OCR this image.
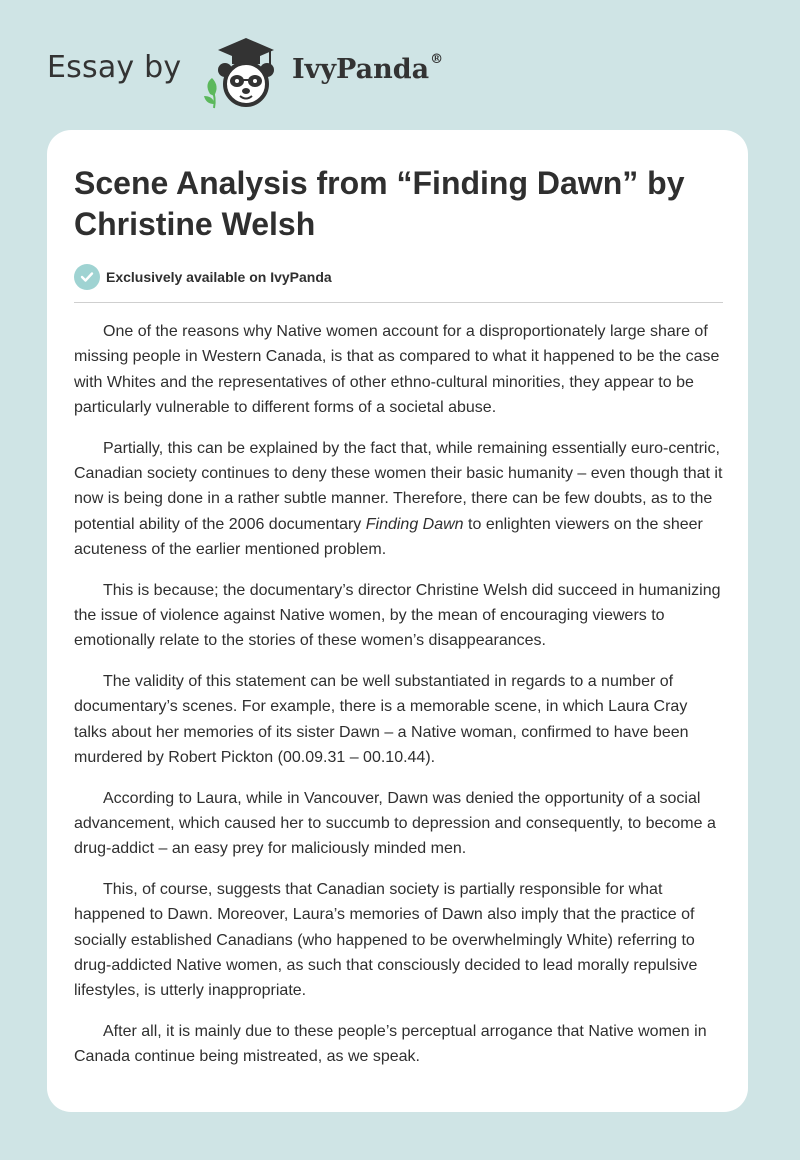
Essay by	IvyPanda®
Scene Analysis from “Finding Dawn” by Christine Welsh
Exclusively available on IvyPanda

One of the reasons why Native women account for a disproportionately large share of missing people in Western Canada, is that as compared to what it happened to be the case with Whites and the representatives of other ethno-cultural minorities, they appear to be particularly vulnerable to different forms of a societal abuse.

Partially, this can be explained by the fact that, while remaining essentially euro-centric, Canadian society continues to deny these women their basic humanity – even though that it now is being done in a rather subtle manner. Therefore, there can be few doubts, as to the potential ability of the 2006 documentary Finding Dawn to enlighten viewers on the sheer acuteness of the earlier mentioned problem.

This is because; the documentary’s director Christine Welsh did succeed in humanizing the issue of violence against Native women, by the mean of encouraging viewers to emotionally relate to the stories of these women’s disappearances.

The validity of this statement can be well substantiated in regards to a number of documentary’s scenes. For example, there is a memorable scene, in which Laura Cray talks about her memories of its sister Dawn – a Native woman, confirmed to have been murdered by Robert Pickton (00.09.31 – 00.10.44).

According to Laura, while in Vancouver, Dawn was denied the opportunity of a social advancement, which caused her to succumb to depression and consequently, to become a drug-addict – an easy prey for maliciously minded men.

This, of course, suggests that Canadian society is partially responsible for what happened to Dawn. Moreover, Laura’s memories of Dawn also imply that the practice of socially established Canadians (who happened to be overwhelmingly White) referring to drug-addicted Native women, as such that consciously decided to lead morally repulsive lifestyles, is utterly inappropriate.

After all, it is mainly due to these people’s perceptual arrogance that Native women in Canada continue being mistreated, as we speak.
